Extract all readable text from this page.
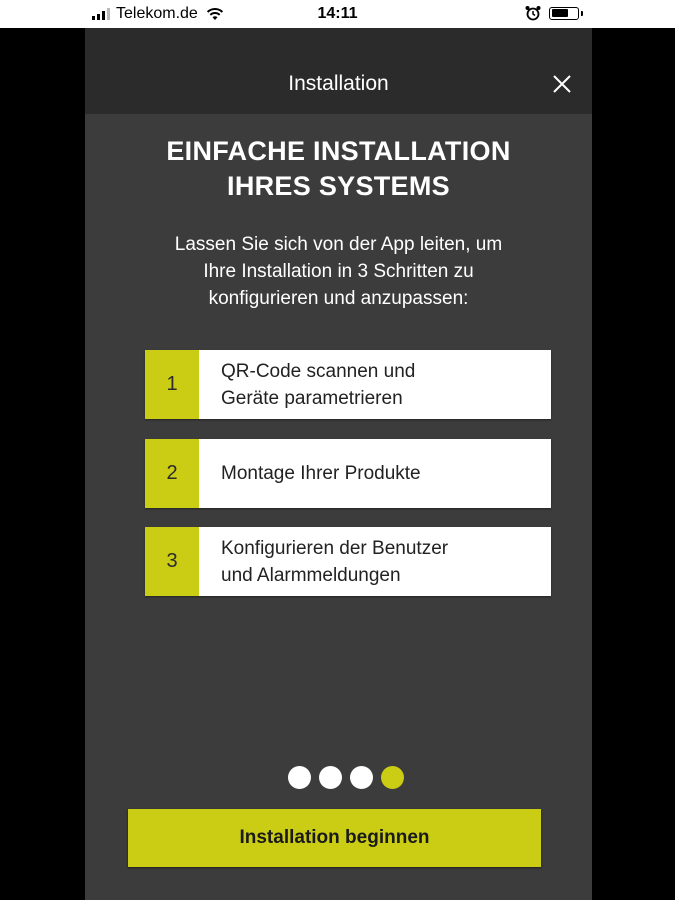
Telekom.de	14:11
Installation
EINFACHE INSTALLATION
IHRES SYSTEMS
Lassen Sie sich von der App leiten, um
Ihre Installation in 3 Schritten zu
konfigurieren und anzupassen:
1
QR-Code scannen und
Geräte parametrieren
2	Montage Ihrer Produkte
3
Konfigurieren der Benutzer
und Alarmmeldungen
Installation beginnen
